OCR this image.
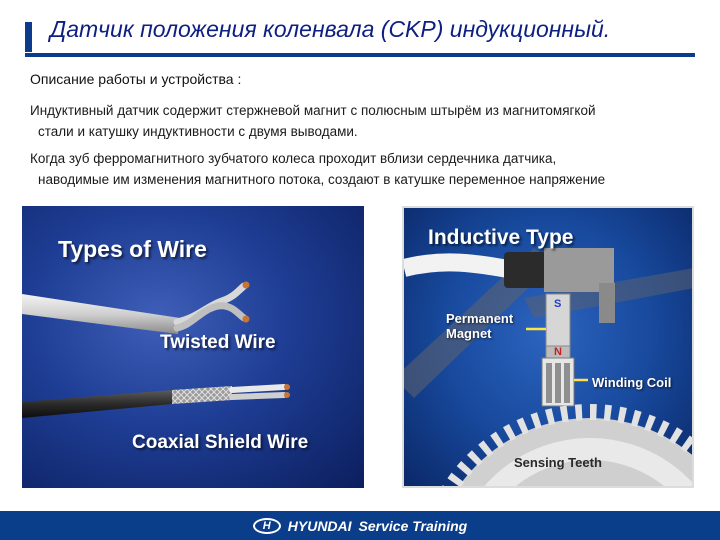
Датчик положения коленвала (CKP) индукционный.

Описание работы и устройства :

Индуктивный датчик содержит стержневой магнит с полюсным штырём из магнитомягкой
стали и катушку индуктивности с двумя выводами.

Когда зуб ферромагнитного зубчатого колеса проходит вблизи сердечника датчика,
наводимые им изменения магнитного потока, создают в катушке переменное напряжение

Types of Wire
Twisted Wire
Coaxial Shield Wire
Inductive Type
Permanent
Magnet
Winding Coil
Sensing Teeth
S
N
H HYUNDAI Service Training
